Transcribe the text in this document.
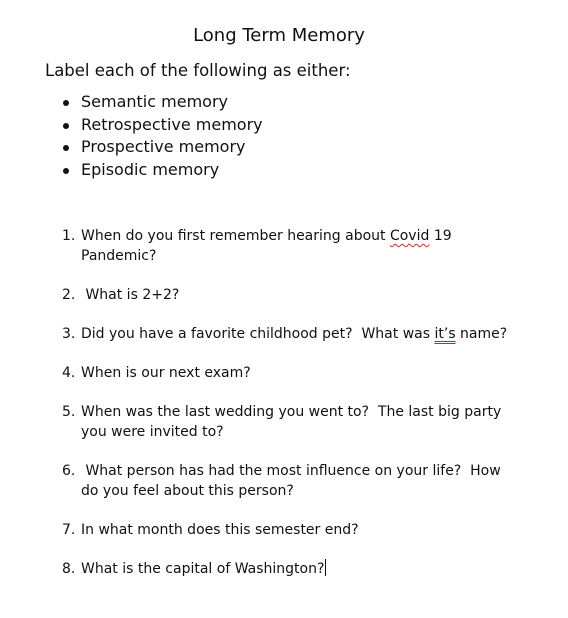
Long Term Memory
Label each of the following as either:
Semantic memory
Retrospective memory
Prospective memory
Episodic memory
1. When do you first remember hearing about Covid 19
Pandemic?
2. What is 2+2?
3. Did you have a favorite childhood pet?  What was it’s name?
4. When is our next exam?
5. When was the last wedding you went to?  The last big party
you were invited to?
6. What person has had the most influence on your life?  How
do you feel about this person?
7. In what month does this semester end?
8. What is the capital of Washington?
